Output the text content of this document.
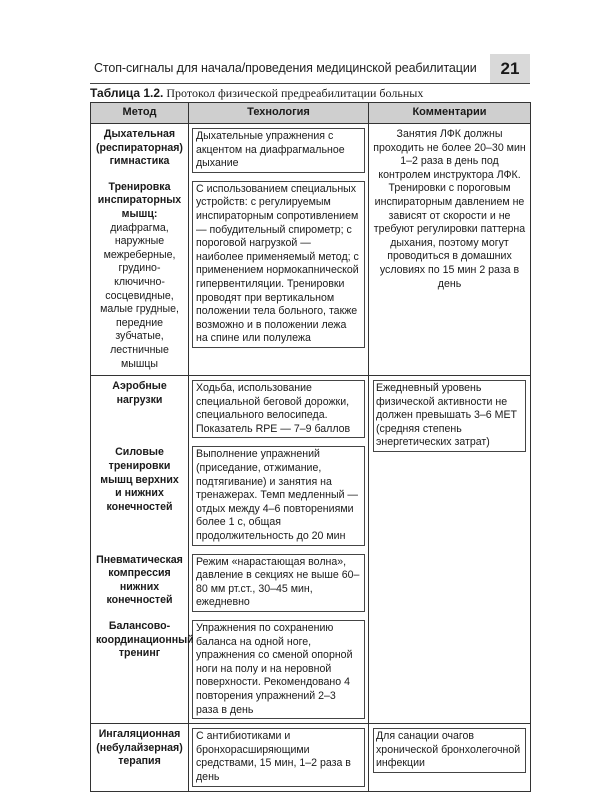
Стоп-сигналы для начала/проведения медицинской реабилитации	21
Таблица 1.2. Протокол физической предреабилитации больных
Метод	Технология	Комментарии

Дыхательная (респираторная) гимнастика	Дыхательные упражнения с акцентом на диафрагмальное дыхание	Занятия ЛФК должны проходить не более 20–30 мин 1–2 раза в день под контролем инструктора ЛФК. Тренировки с пороговым инспираторным давлением не зависят от скорости и не требуют регулировки паттерна дыхания, поэтому могут проводиться в домашних условиях по 15 мин 2 раза в день

Тренировка инспираторных мышц: диафрагма, наружные межреберные, грудино-ключично-сосцевидные, малые грудные, передние зубчатые, лестничные мышцы	С использованием специальных устройств: с регулируемым инспираторным сопротивлением — побудительный спирометр; с пороговой нагрузкой — наиболее применяемый метод; с применением нормокапнической гипервентиляции. Тренировки проводят при вертикальном положении тела больного, также возможно и в положении лежа на спине или полулежа	

Аэробные нагрузки	Ходьба, использование специальной беговой дорожки, специального велосипеда. Показатель RPE — 7–9 баллов	Ежедневный уровень физической активности не должен превышать 3–6 МЕТ (средняя степень энергетических затрат)

Силовые тренировки мышц верхних и нижних конечностей	Выполнение упражнений (приседание, отжимание, подтягивание) и занятия на тренажерах. Темп медленный — отдых между 4–6 повторениями более 1 с, общая продолжительность до 20 мин	

Пневматическая компрессия нижних конечностей	Режим «нарастающая волна», давление в секциях не выше 60–80 мм рт.ст., 30–45 мин, ежедневно	

Балансово-координационный тренинг	Упражнения по сохранению баланса на одной ноге, упражнения со сменой опорной ноги на полу и на неровной поверхности. Рекомендовано 4 повторения упражнений 2–3 раза в день	

Ингаляционная (небулайзерная) терапия	С антибиотиками и бронхорасширяющими средствами, 15 мин, 1–2 раза в день	Для санации очагов хронической бронхолегочной инфекции
